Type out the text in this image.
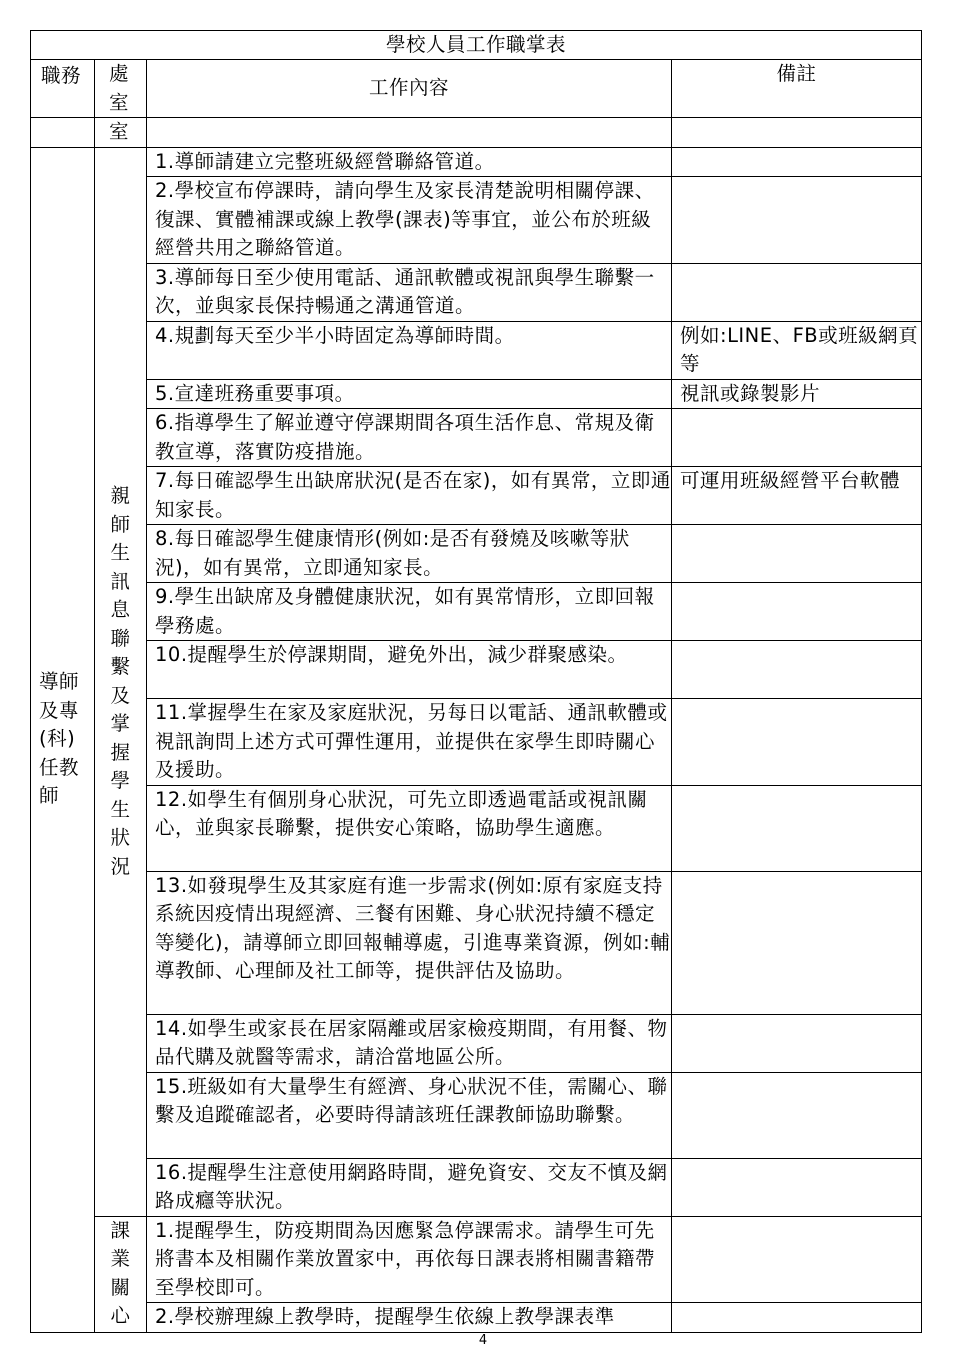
學校人員工作職掌表			
職務	處室	工作內容	備註
	室		

導師及專(科)任教師	親師生訊息聯繫及掌握學生狀況	1.導師請建立完整班級經營聯絡管道。	
		2.學校宣布停課時，請向學生及家長清楚說明相關停課、復課、實體補課或線上教學(課表)等事宜，並公布於班級經營共用之聯絡管道。	
		3.導師每日至少使用電話、通訊軟體或視訊與學生聯繫一次，並與家長保持暢通之溝通管道。	
		4.規劃每天至少半小時固定為導師時間。	例如:LINE、FB或班級網頁等
		5.宣達班務重要事項。	視訊或錄製影片
		6.指導學生了解並遵守停課期間各項生活作息、常規及衛教宣導，落實防疫措施。	
		7.每日確認學生出缺席狀況(是否在家)，如有異常，立即通知家長。	可運用班級經營平台軟體
		8.每日確認學生健康情形(例如:是否有發燒及咳嗽等狀況)，如有異常，立即通知家長。	
		9.學生出缺席及身體健康狀況，如有異常情形，立即回報學務處。	
		10.提醒學生於停課期間，避免外出，減少群聚感染。	
		11.掌握學生在家及家庭狀況，另每日以電話、通訊軟體或視訊詢問上述方式可彈性運用，並提供在家學生即時關心及援助。	
		12.如學生有個別身心狀況，可先立即透過電話或視訊關心，並與家長聯繫，提供安心策略，協助學生適應。	
		13.如發現學生及其家庭有進一步需求(例如:原有家庭支持系統因疫情出現經濟、三餐有困難、身心狀況持續不穩定等變化)，請導師立即回報輔導處，引進專業資源，例如:輔導教師、心理師及社工師等，提供評估及協助。	
		14.如學生或家長在居家隔離或居家檢疫期間，有用餐、物品代購及就醫等需求，請洽當地區公所。	
		15.班級如有大量學生有經濟、身心狀況不佳，需關心、聯繫及追蹤確認者，必要時得請該班任課教師協助聯繫。	
		16.提醒學生注意使用網路時間，避免資安、交友不慎及網路成癮等狀況。	

	課業關心	1.提醒學生，防疫期間為因應緊急停課需求。請學生可先將書本及相關作業放置家中，再依每日課表將相關書籍帶至學校即可。	
		2.學校辦理線上教學時，提醒學生依線上教學課表準	
4
